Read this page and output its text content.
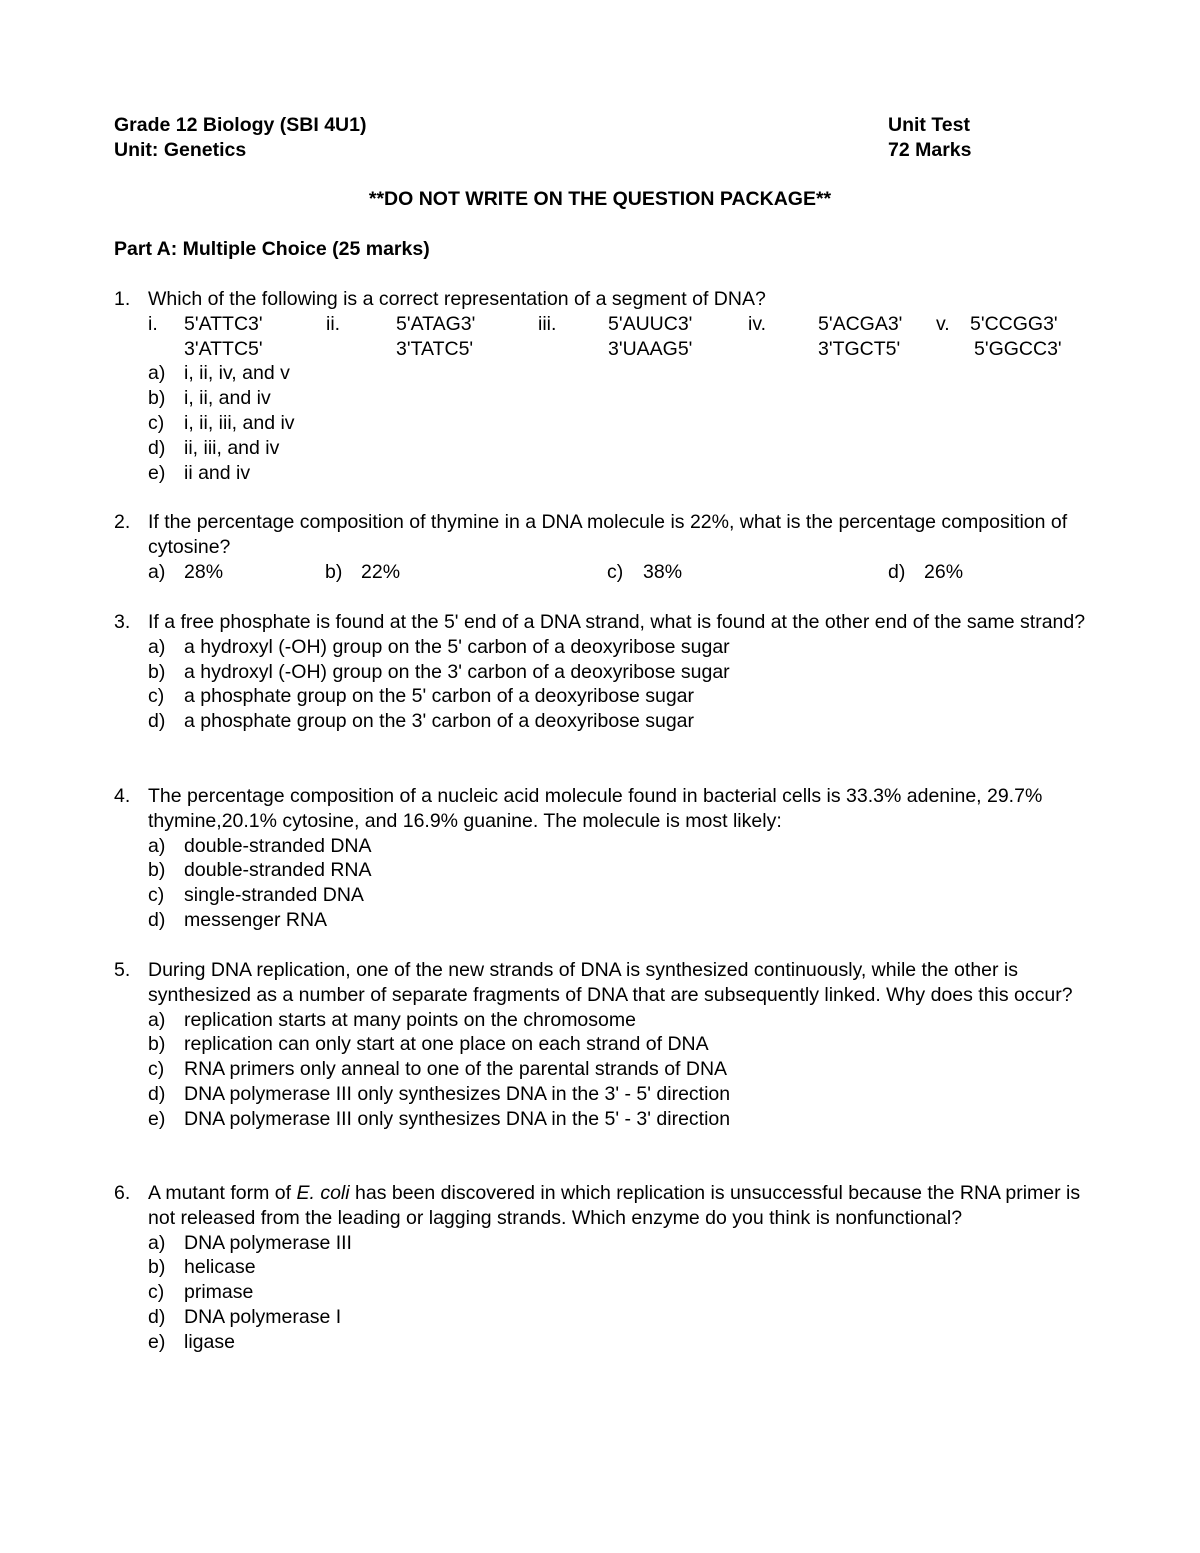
Grade 12 Biology (SBI 4U1)
Unit: Genetics
Unit Test
72 Marks
**DO NOT WRITE ON THE QUESTION PACKAGE**
Part A: Multiple Choice (25 marks)
1. Which of the following is a correct representation of a segment of DNA?
i. 5'ATTC3'	ii.	5'ATAG3'	iii.	5'AUUC3'	iv.	5'ACGA3' v. 5'CCGG3'
3'ATTC5'	3'TATC5'	3'UAAG5'	3'TGCT5'	5'GGCC3'
a) i, ii, iv, and v
b) i, ii, and iv
c) i, ii, iii, and iv
d) ii, iii, and iv
e) ii and iv
2. If the percentage composition of thymine in a DNA molecule is 22%, what is the percentage composition of cytosine?
a) 28%	b) 22%	c) 38%	d) 26%
3. If a free phosphate is found at the 5' end of a DNA strand, what is found at the other end of the same strand?
a) a hydroxyl (-OH) group on the 5' carbon of a deoxyribose sugar
b) a hydroxyl (-OH) group on the 3' carbon of a deoxyribose sugar
c) a phosphate group on the 5' carbon of a deoxyribose sugar
d) a phosphate group on the 3' carbon of a deoxyribose sugar
4. The percentage composition of a nucleic acid molecule found in bacterial cells is 33.3% adenine, 29.7% thymine,20.1% cytosine, and 16.9% guanine. The molecule is most likely:
a) double-stranded DNA
b) double-stranded RNA
c) single-stranded DNA
d) messenger RNA
5. During DNA replication, one of the new strands of DNA is synthesized continuously, while the other is synthesized as a number of separate fragments of DNA that are subsequently linked. Why does this occur?
a) replication starts at many points on the chromosome
b) replication can only start at one place on each strand of DNA
c) RNA primers only anneal to one of the parental strands of DNA
d) DNA polymerase III only synthesizes DNA in the 3' - 5' direction
e) DNA polymerase III only synthesizes DNA in the 5' - 3' direction
6. A mutant form of E. coli has been discovered in which replication is unsuccessful because the RNA primer is not released from the leading or lagging strands. Which enzyme do you think is nonfunctional?
a) DNA polymerase III
b) helicase
c) primase
d) DNA polymerase I
e) ligase
